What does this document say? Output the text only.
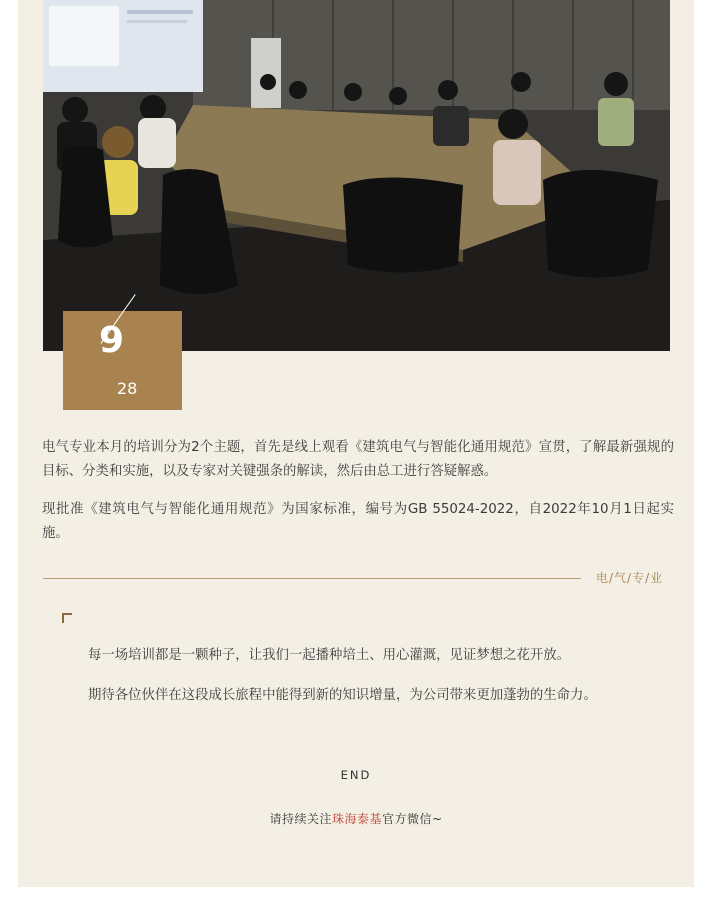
9
28

电气专业本月的培训分为2个主题，首先是线上观看《建筑电气与智能化通用规范》宣贯，了解最新强规的目标、分类和实施，以及专家对关键强条的解读，然后由总工进行答疑解惑。

现批准《建筑电气与智能化通用规范》为国家标准，编号为GB 55024-2022，自2022年10月1日起实施。

电/气/专/业

每一场培训都是一颗种子，让我们一起播种培土、用心灌溉，见证梦想之花开放。

期待各位伙伴在这段成长旅程中能得到新的知识增量，为公司带来更加蓬勃的生命力。

END
请持续关注珠海泰基官方微信~
